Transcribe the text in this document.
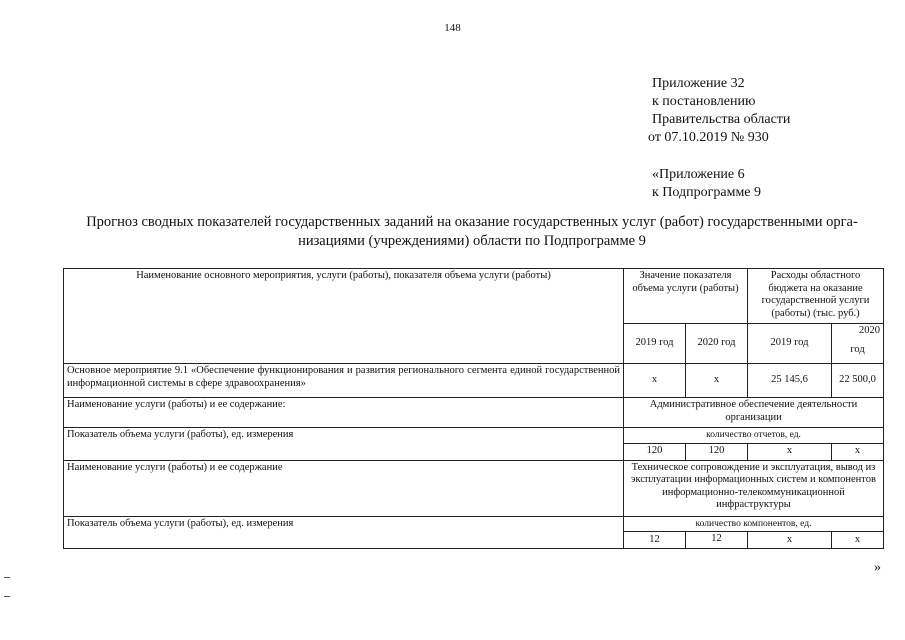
148
Приложение 32
к постановлению
Правительства области
от 07.10.2019 № 930
«Приложение 6
к Подпрограмме 9
Прогноз сводных показателей государственных заданий на оказание государственных услуг (работ) государственными орга-
низациями (учреждениями) области по Подпрограмме 9
Наименование основного мероприятия, услуги (работы), показателя объема услуги (работы)	Значение показателя объема услуги (работы)		Расходы областного бюджета на оказание государственной услуги (работы) (тыс. руб.)	
	2019 год	2020 год	2019 год	2020
год

Основное мероприятие 9.1 «Обеспечение функционирования и развития регионального сегмента единой государственной информационной системы в сфере здравоохранения»	х	х	25 145,6	22 500,0
Наименование услуги (работы) и ее содержание:	Административное обеспечение деятельности организации			
Показатель объема услуги (работы), ед. измерения	количество отчетов, ед.			
	120	120	х	х
Наименование услуги (работы) и ее содержание	Техническое сопровождение и эксплуатация, вывод из эксплуатации информационных систем и компонентов информационно-телекоммуникационной инфраструктуры			
Показатель объема услуги (работы), ед. измерения	количество компонентов, ед.			
	12	12	х	х
»
